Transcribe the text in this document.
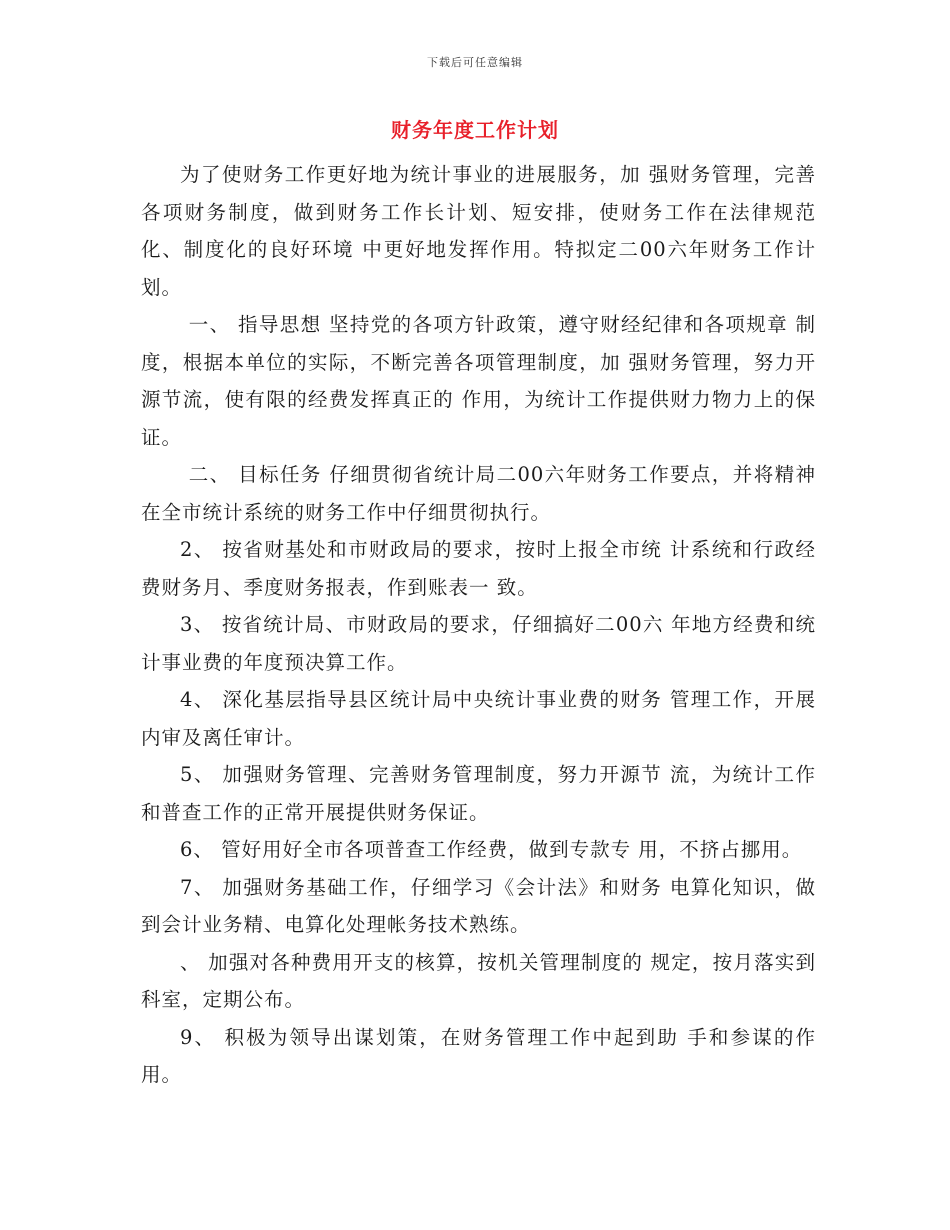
下载后可任意编辑
财务年度工作计划

为了使财务工作更好地为统计事业的进展服务，加 强财务管理，完善各项财务制度，做到财务工作长计划、短安排，使财务工作在法律规范化、制度化的良好环境 中更好地发挥作用。特拟定二00六年财务工作计划。

一、 指导思想 坚持党的各项方针政策，遵守财经纪律和各项规章 制度，根据本单位的实际，不断完善各项管理制度，加 强财务管理，努力开源节流，使有限的经费发挥真正的 作用，为统计工作提供财力物力上的保证。

二、 目标任务 仔细贯彻省统计局二00六年财务工作要点，并将精神在全市统计系统的财务工作中仔细贯彻执行。

2、 按省财基处和市财政局的要求，按时上报全市统 计系统和行政经费财务月、季度财务报表，作到账表一 致。

3、 按省统计局、市财政局的要求，仔细搞好二00六 年地方经费和统计事业费的年度预决算工作。

4、 深化基层指导县区统计局中央统计事业费的财务 管理工作，开展内审及离任审计。

5、 加强财务管理、完善财务管理制度，努力开源节 流，为统计工作和普查工作的正常开展提供财务保证。

6、 管好用好全市各项普查工作经费，做到专款专 用，不挤占挪用。

7、 加强财务基础工作，仔细学习《会计法》和财务 电算化知识，做到会计业务精、电算化处理帐务技术熟练。

、 加强对各种费用开支的核算，按机关管理制度的 规定，按月落实到科室，定期公布。

9、 积极为领导出谋划策，在财务管理工作中起到助 手和参谋的作用。
